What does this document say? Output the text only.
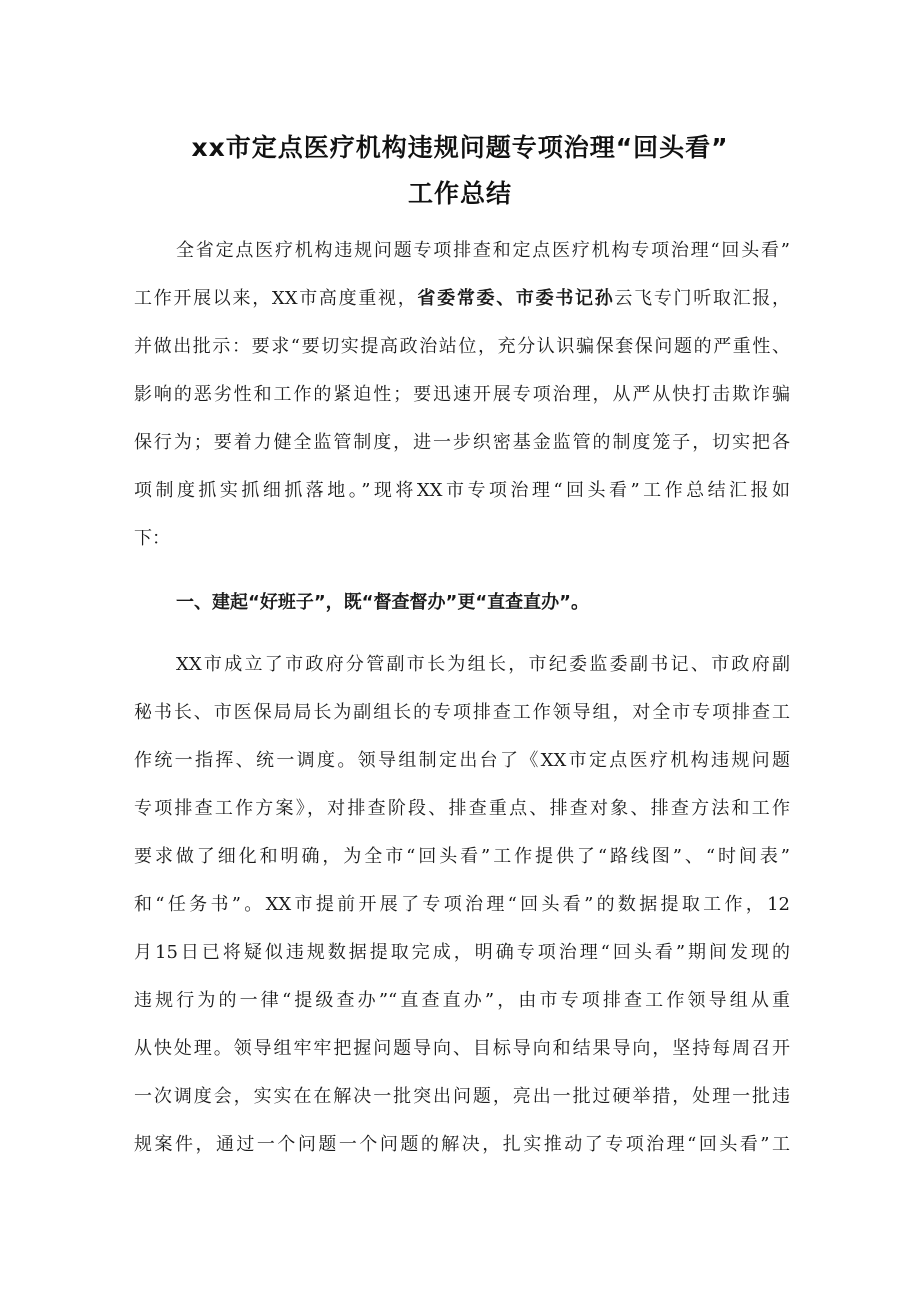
xx市定点医疗机构违规问题专项治理“回头看”
工作总结
全省定点医疗机构违规问题专项排查和定点医疗机构专项治理“回头看”
工作开展以来，XX市高度重视，省委常委、市委书记孙云飞专门听取汇报，
并做出批示：要求“要切实提高政治站位，充分认识骗保套保问题的严重性、
影响的恶劣性和工作的紧迫性；要迅速开展专项治理，从严从快打击欺诈骗
保行为；要着力健全监管制度，进一步织密基金监管的制度笼子，切实把各
项制度抓实抓细抓落地。”现将XX市专项治理“回头看”工作总结汇报如
下：
一、建起“好班子”，既“督查督办”更“直查直办”。
XX市成立了市政府分管副市长为组长，市纪委监委副书记、市政府副
秘书长、市医保局局长为副组长的专项排查工作领导组，对全市专项排查工
作统一指挥、统一调度。领导组制定出台了《XX市定点医疗机构违规问题
专项排查工作方案》，对排查阶段、排查重点、排查对象、排查方法和工作
要求做了细化和明确，为全市“回头看”工作提供了“路线图”、“时间表”
和“任务书”。XX市提前开展了专项治理“回头看”的数据提取工作，12
月15日已将疑似违规数据提取完成，明确专项治理“回头看”期间发现的
违规行为的一律“提级查办”“直查直办”，由市专项排查工作领导组从重
从快处理。领导组牢牢把握问题导向、目标导向和结果导向，坚持每周召开
一次调度会，实实在在解决一批突出问题，亮出一批过硬举措，处理一批违
规案件，通过一个问题一个问题的解决，扎实推动了专项治理“回头看”工
